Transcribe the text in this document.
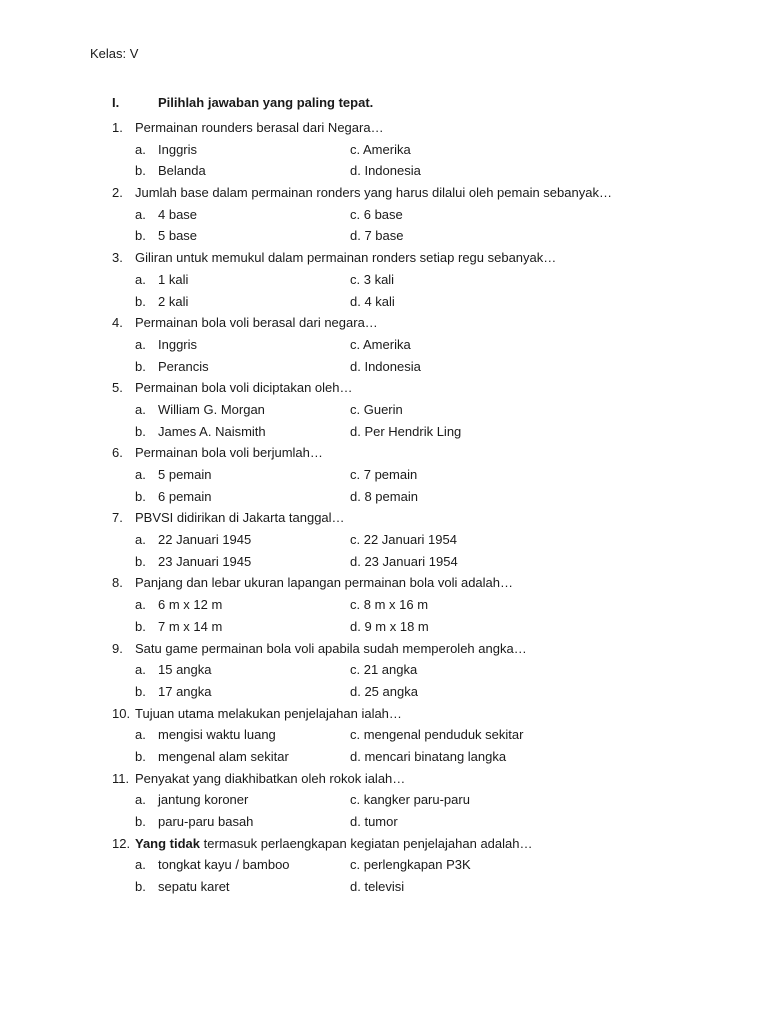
Kelas: V
I.	Pilihlah jawaban yang paling tepat.
1. Permainan rounders berasal dari Negara…
a. Inggris	c. Amerika
b. Belanda	d. Indonesia
2. Jumlah base dalam permainan ronders yang harus dilalui oleh pemain sebanyak…
a. 4 base	c. 6 base
b. 5 base	d. 7 base
3. Giliran untuk memukul dalam permainan ronders setiap regu sebanyak…
a. 1 kali	c. 3 kali
b. 2 kali	d. 4 kali
4. Permainan bola voli berasal dari negara…
a. Inggris	c. Amerika
b. Perancis	d. Indonesia
5. Permainan bola voli diciptakan oleh…
a. William G. Morgan	c. Guerin
b. James A. Naismith	d. Per Hendrik Ling
6. Permainan bola voli berjumlah…
a. 5 pemain	c. 7 pemain
b. 6 pemain	d. 8 pemain
7. PBVSI didirikan di Jakarta tanggal…
a. 22 Januari 1945	c. 22 Januari 1954
b. 23 Januari 1945	d. 23 Januari 1954
8. Panjang dan lebar ukuran lapangan permainan bola voli adalah…
a. 6 m x 12 m	c. 8 m x 16 m
b. 7 m x 14 m	d. 9 m x 18 m
9. Satu game permainan bola voli apabila sudah memperoleh angka…
a. 15 angka	c. 21 angka
b. 17 angka	d. 25 angka
10. Tujuan utama melakukan penjelajahan ialah…
a. mengisi waktu luang	c. mengenal penduduk sekitar
b. mengenal alam sekitar	d. mencari binatang langka
11. Penyakat yang diakhibatkan oleh rokok ialah…
a. jantung koroner	c. kangker paru-paru
b. paru-paru basah	d. tumor
12. Yang tidak termasuk perlaengkapan kegiatan penjelajahan adalah…
a. tongkat kayu / bamboo	c. perlengkapan P3K
b. sepatu karet	d. televisi
